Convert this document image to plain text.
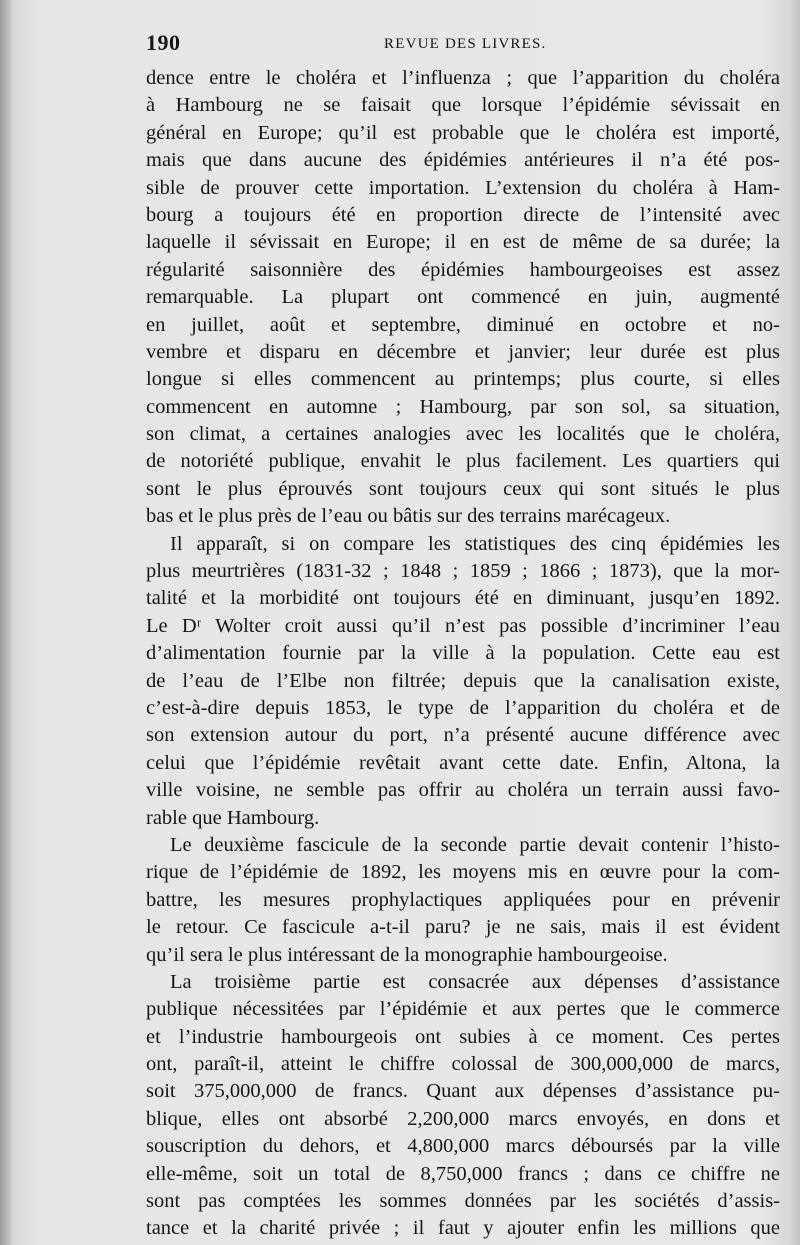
190	REVUE DES LIVRES.
dence entre le choléra et l’influenza ; que l’apparition du choléra
à Hambourg ne se faisait que lorsque l’épidémie sévissait en
général en Europe; qu’il est probable que le choléra est importé,
mais que dans aucune des épidémies antérieures il n’a été pos-
sible de prouver cette importation. L’extension du choléra à Ham-
bourg a toujours été en proportion directe de l’intensité avec
laquelle il sévissait en Europe; il en est de même de sa durée; la
régularité saisonnière des épidémies hambourgeoises est assez
remarquable. La plupart ont commencé en juin, augmenté
en juillet, août et septembre, diminué en octobre et no-
vembre et disparu en décembre et janvier; leur durée est plus
longue si elles commencent au printemps; plus courte, si elles
commencent en automne ; Hambourg, par son sol, sa situation,
son climat, a certaines analogies avec les localités que le choléra,
de notoriété publique, envahit le plus facilement. Les quartiers qui
sont le plus éprouvés sont toujours ceux qui sont situés le plus
bas et le plus près de l’eau ou bâtis sur des terrains marécageux.
Il apparaît, si on compare les statistiques des cinq épidémies les
plus meurtrières (1831-32 ; 1848 ; 1859 ; 1866 ; 1873), que la mor-
talité et la morbidité ont toujours été en diminuant, jusqu’en 1892.
Le Dʳ Wolter croit aussi qu’il n’est pas possible d’incriminer l’eau
d’alimentation fournie par la ville à la population. Cette eau est
de l’eau de l’Elbe non filtrée; depuis que la canalisation existe,
c’est-à-dire depuis 1853, le type de l’apparition du choléra et de
son extension autour du port, n’a présenté aucune différence avec
celui que l’épidémie revêtait avant cette date. Enfin, Altona, la
ville voisine, ne semble pas offrir au choléra un terrain aussi favo-
rable que Hambourg.
Le deuxième fascicule de la seconde partie devait contenir l’histo-
rique de l’épidémie de 1892, les moyens mis en œuvre pour la com-
battre, les mesures prophylactiques appliquées pour en prévenir
le retour. Ce fascicule a-t-il paru? je ne sais, mais il est évident
qu’il sera le plus intéressant de la monographie hambourgeoise.
La troisième partie est consacrée aux dépenses d’assistance
publique nécessitées par l’épidémie et aux pertes que le commerce
et l’industrie hambourgeois ont subies à ce moment. Ces pertes
ont, paraît-il, atteint le chiffre colossal de 300,000,000 de marcs,
soit 375,000,000 de francs. Quant aux dépenses d’assistance pu-
blique, elles ont absorbé 2,200,000 marcs envoyés, en dons et
souscription du dehors, et 4,800,000 marcs déboursés par la ville
elle-même, soit un total de 8,750,000 francs ; dans ce chiffre ne
sont pas comptées les sommes données par les sociétés d’assis-
tance et la charité privée ; il faut y ajouter enfin les millions que
